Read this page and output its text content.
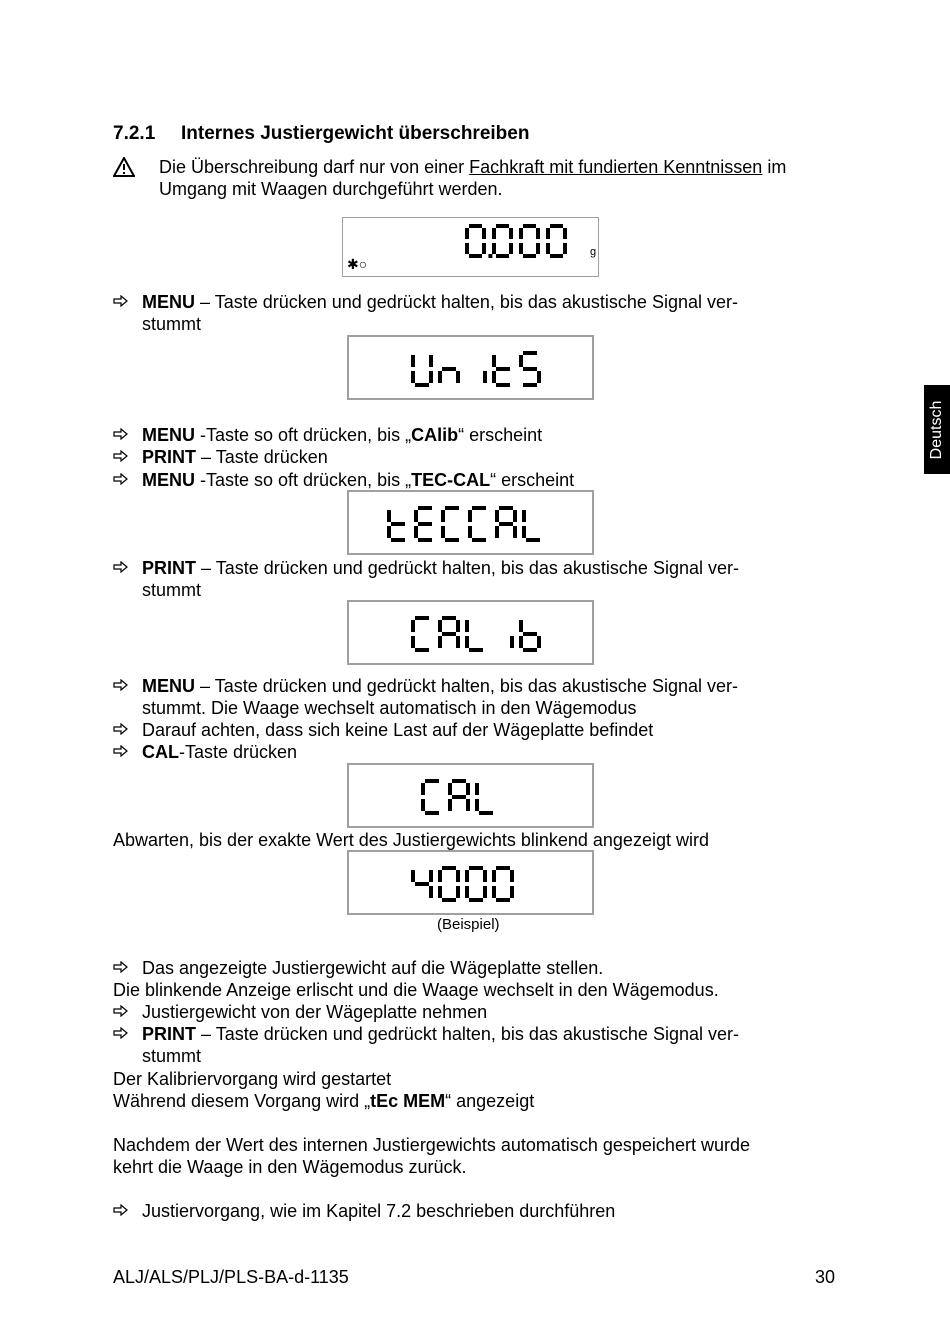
7.2.1 Internes Justiergewicht überschreiben
Die Überschreibung darf nur von einer Fachkraft mit fundierten Kenntnissen im
Umgang mit Waagen durchgeführt werden.
✱○
g
MENU – Taste drücken und gedrückt halten, bis das akustische Signal ver-
stummt
MENU -Taste so oft drücken, bis „CAlib“ erscheint
PRINT – Taste drücken
MENU -Taste so oft drücken, bis „TEC-CAL“ erscheint
PRINT – Taste drücken und gedrückt halten, bis das akustische Signal ver-
stummt
MENU – Taste drücken und gedrückt halten, bis das akustische Signal ver-
stummt. Die Waage wechselt automatisch in den Wägemodus
Darauf achten, dass sich keine Last auf der Wägeplatte befindet
CAL-Taste drücken
Abwarten, bis der exakte Wert des Justiergewichts blinkend angezeigt wird
(Beispiel)
Das angezeigte Justiergewicht auf die Wägeplatte stellen.
Die blinkende Anzeige erlischt und die Waage wechselt in den Wägemodus.
Justiergewicht von der Wägeplatte nehmen
PRINT – Taste drücken und gedrückt halten, bis das akustische Signal ver-
stummt
Der Kalibriervorgang wird gestartet
Während diesem Vorgang wird „tEc MEM“ angezeigt
Nachdem der Wert des internen Justiergewichts automatisch gespeichert wurde
kehrt die Waage in den Wägemodus zurück.
Justiervorgang, wie im Kapitel 7.2 beschrieben durchführen
Deutsch
ALJ/ALS/PLJ/PLS-BA-d-1135	30
